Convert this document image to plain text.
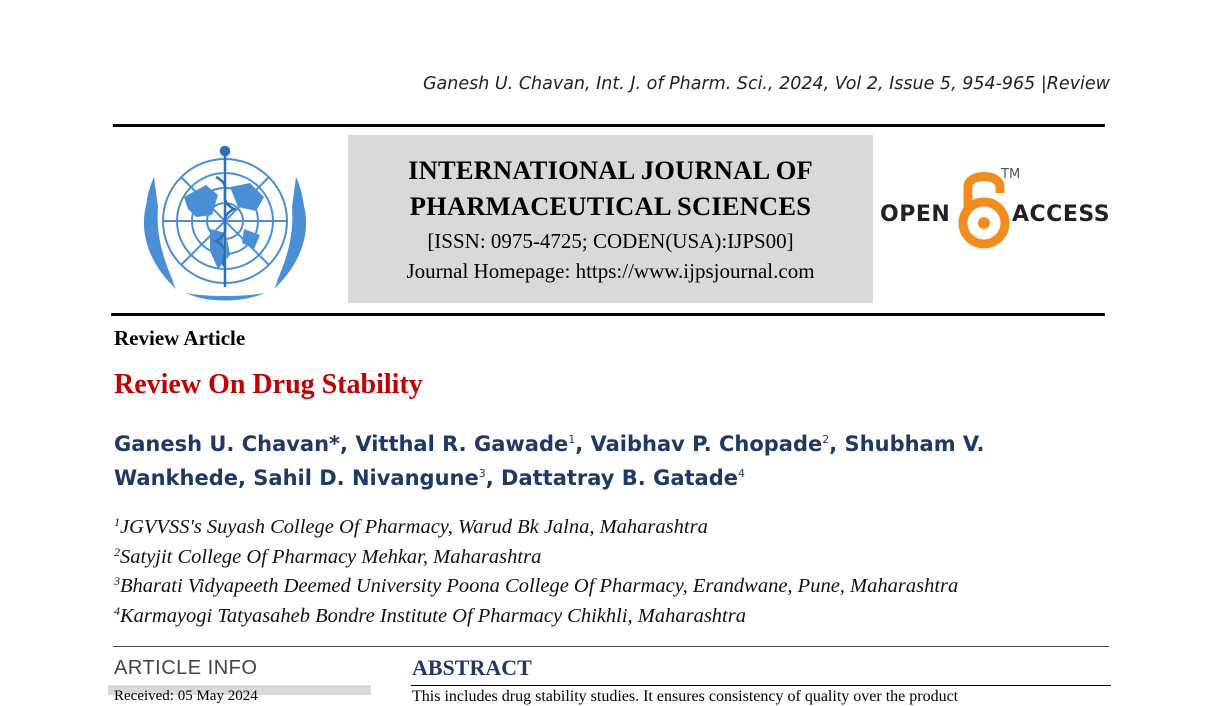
Ganesh U. Chavan, Int. J. of Pharm. Sci., 2024, Vol 2, Issue 5, 954-965 |Review
INTERNATIONAL JOURNAL OF
PHARMACEUTICAL SCIENCES
[ISSN: 0975-4725; CODEN(USA):IJPS00]
Journal Homepage: https://www.ijpsjournal.com
OPEN
TM
ACCESS
Review Article
Review On Drug Stability
Ganesh U. Chavan*, Vitthal R. Gawade$^1$, Vaibhav P. Chopade$^2$, Shubham V. Wankhede, Sahil D. Nivangune$^3$, Dattatray B. Gatade$^4$
$^1$JGVVSS's Suyash College Of Pharmacy, Warud Bk Jalna, Maharashtra
$^2$Satyjit College Of Pharmacy Mehkar, Maharashtra
$^3$Bharati Vidyapeeth Deemed University Poona College Of Pharmacy, Erandwane, Pune, Maharashtra
$^4$Karmayogi Tatyasaheb Bondre Institute Of Pharmacy Chikhli, Maharashtra
ARTICLE INFO
Received: 05 May 2024
ABSTRACT
This includes drug stability studies. It ensures consistency of quality over the product
